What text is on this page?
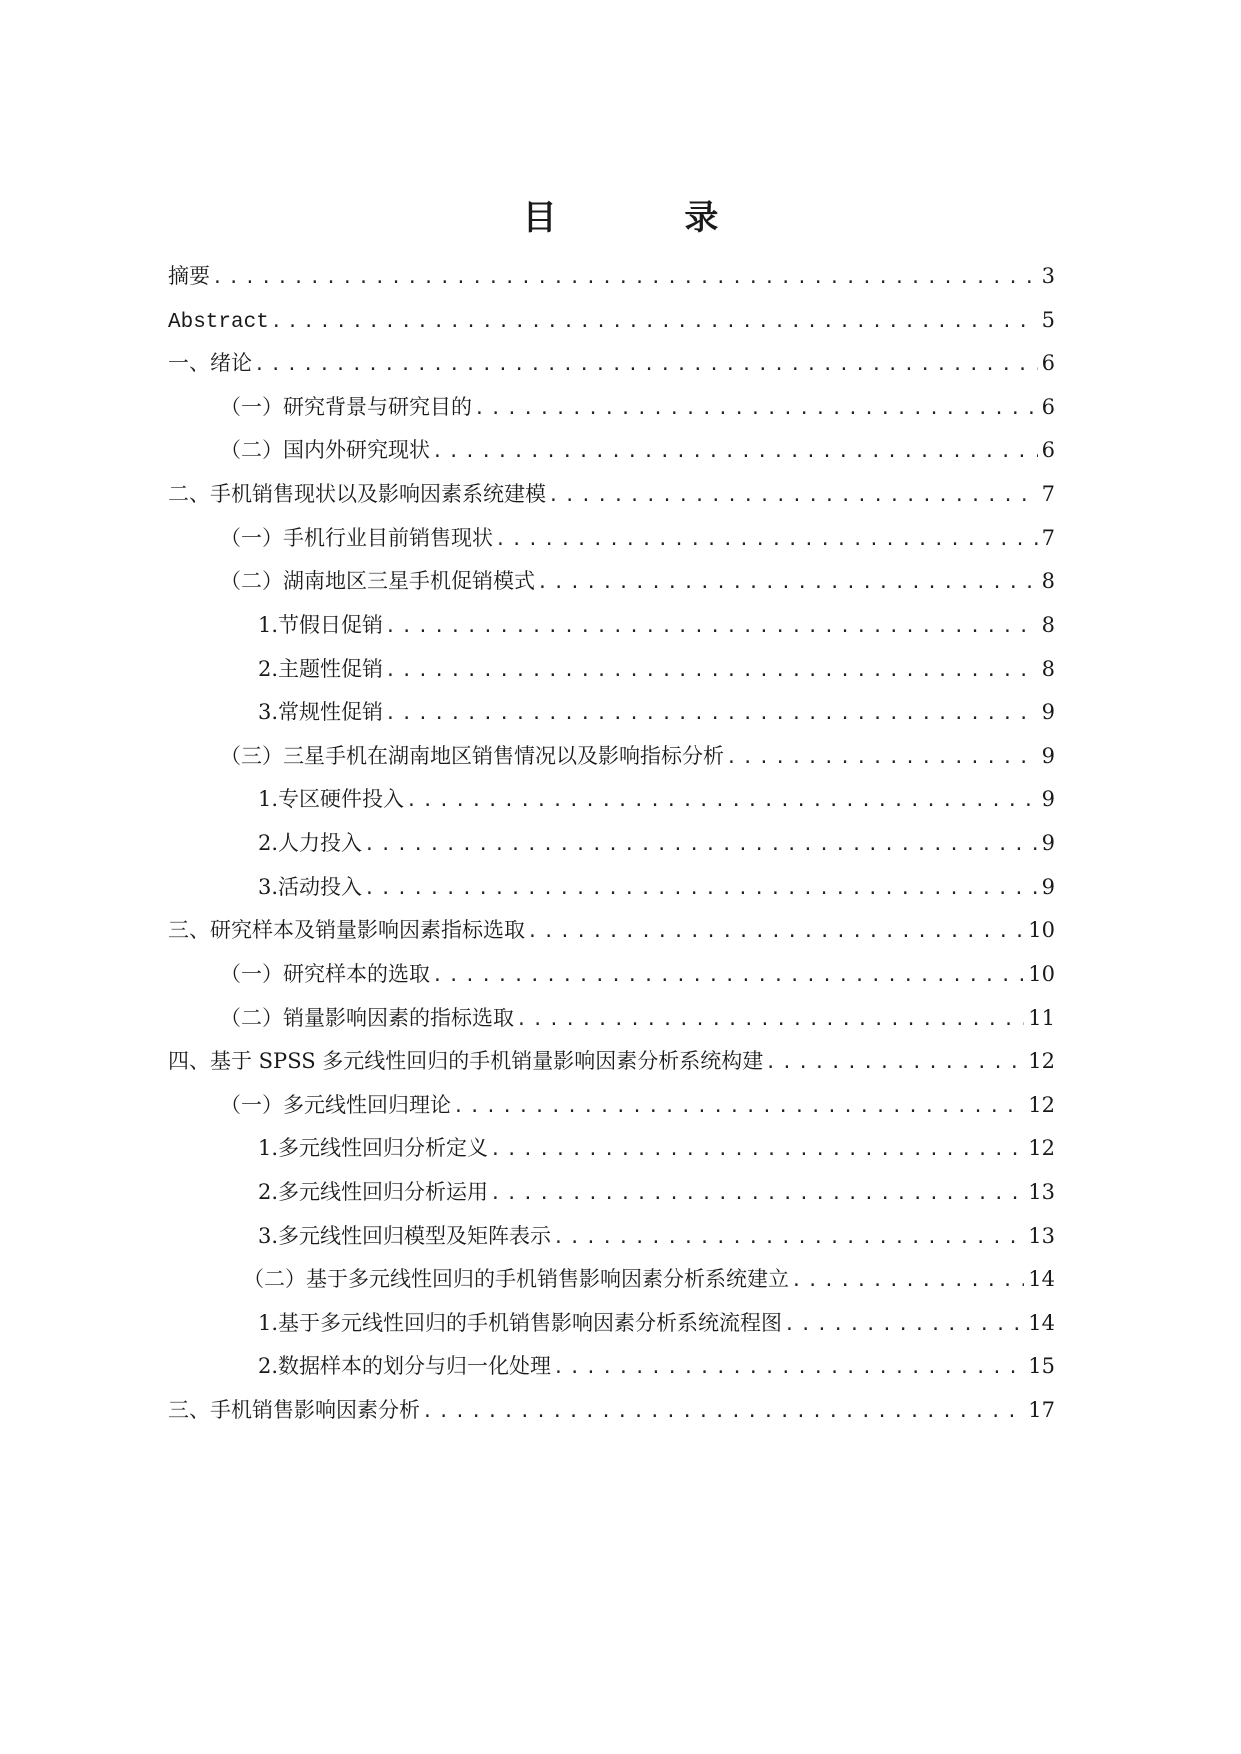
目 录
摘 要 .....	3
Abstract .....	5
一、 绪论 .....	6
（一） 研究背景与研究目的 .....	6
（二） 国内外研究现状 .....	6
二、 手机销售现状以及影响因素系统建模 .....	7
（一） 手机行业目前销售现状 .....	7
（二） 湖南地区三星手机促销模式 .....	8
1. 节假日促销 .....	8
2. 主题性促销 .....	8
3. 常规性促销 .....	9
（三） 三星手机在湖南地区销售情况以及影响指标分析 .....	9
1. 专区硬件投入 .....	9
2. 人力投入 .....	9
3. 活动投入 .....	9
三、 研究样本及销量影响因素指标选取 .....	10
（一） 研究样本的选取 .....	10
（二） 销量影响因素的指标选取 .....	11
四、 基于 SPSS 多元线性回归的手机销量影响因素分析系统构建 .....	12
（一） 多元线性回归理论 .....	12
1. 多元线性回归分析定义 .....	12
2. 多元线性回归分析运用 .....	13
3. 多元线性回归模型及矩阵表示 .....	13
（二） 基于多元线性回归的手机销售影响因素分析系统建立 .....	14
1. 基于多元线性回归的手机销售影响因素分析系统流程图 .....	14
2. 数据样本的划分与归一化处理 .....	15
三、 手机销售影响因素分析 .....	17
